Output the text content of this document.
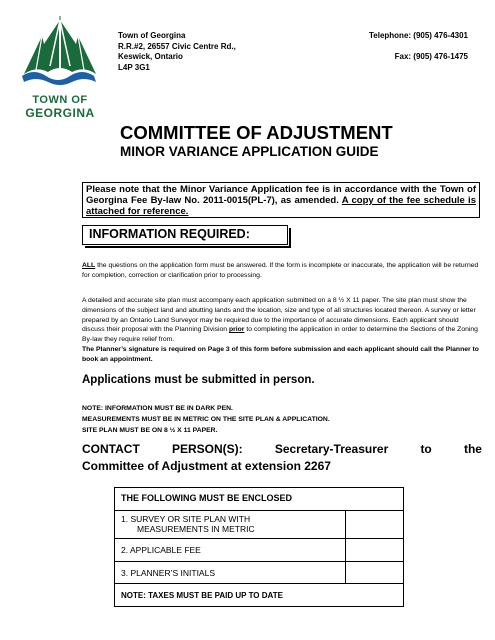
TOWN OF
GEORGINA
Town of Georgina
R.R.#2, 26557 Civic Centre Rd.,
Keswick, Ontario
L4P 3G1
Telephone: (905) 476-4301
Fax: (905) 476-1475
COMMITTEE OF ADJUSTMENT
MINOR VARIANCE APPLICATION GUIDE
Please note that the Minor Variance Application fee is in accordance with the Town of Georgina Fee By-law No. 2011-0015(PL-7), as amended. A copy of the fee schedule is attached for reference.
INFORMATION REQUIRED:
ALL the questions on the application form must be answered. If the form is incomplete or inaccurate, the application will be returned for completion, correction or clarification prior to processing.
A detailed and accurate site plan must accompany each application submitted on a 8 ½ X 11 paper. The site plan must show the dimensions of the subject land and abutting lands and the location, size and type of all structures located thereon. A survey or letter prepared by an Ontario Land Surveyor may be required due to the importance of accurate dimensions. Each applicant should discuss their proposal with the Planning Division prior to completing the application in order to determine the Sections of the Zoning By-law they require relief from.
The Planner’s signature is required on Page 3 of this form before submission and each applicant should call the Planner to book an appointment.
Applications must be submitted in person.
NOTE: INFORMATION MUST BE IN DARK PEN.
MEASUREMENTS MUST BE IN METRIC ON THE SITE PLAN & APPLICATION.
SITE PLAN MUST BE ON 8 ½ X 11 PAPER.
CONTACT	PERSON(S):	Secretary-Treasurer	to	the
Committee of Adjustment at extension 2267
THE FOLLOWING MUST BE ENCLOSED
1. SURVEY OR SITE PLAN WITH
MEASUREMENTS IN METRIC
2. APPLICABLE FEE
3. PLANNER’S INITIALS
NOTE: TAXES MUST BE PAID UP TO DATE
